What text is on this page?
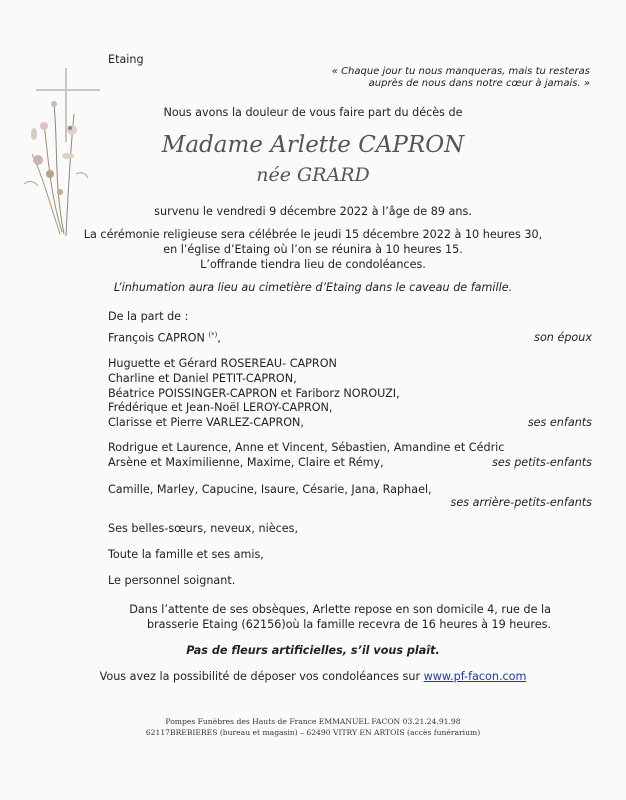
Etaing
« Chaque jour tu nous manqueras, mais tu resteras
auprès de nous dans notre cœur à jamais. »
Nous avons la douleur de vous faire part du décès de
Madame Arlette CAPRON
née GRARD
survenu le vendredi 9 décembre 2022 à l’âge de 89 ans.
La cérémonie religieuse sera célébrée le jeudi 15 décembre 2022 à 10 heures 30,
en l’église d’Etaing où l’on se réunira à 10 heures 15.
L’offrande tiendra lieu de condoléances.
L’inhumation aura lieu au cimetière d’Etaing dans le caveau de famille.
De la part de :
François CAPRON (*),	son époux
Huguette et Gérard ROSEREAU- CAPRON
Charline et Daniel PETIT-CAPRON,
Béatrice POISSINGER-CAPRON et Fariborz NOROUZI,
Frédérique et Jean-Noël LEROY-CAPRON,
Clarisse et Pierre VARLEZ-CAPRON,	ses enfants
Rodrigue et Laurence, Anne et Vincent, Sébastien, Amandine et Cédric
Arsène et Maximilienne, Maxime, Claire et Rémy,	ses petits-enfants
Camille, Marley, Capucine, Isaure, Césarie, Jana, Raphael,
ses arrière-petits-enfants
Ses belles-sœurs, neveux, nièces,
Toute la famille et ses amis,
Le personnel soignant.
Dans l’attente de ses obsèques, Arlette repose en son domicile 4, rue de la
brasserie Etaing (62156)où la famille recevra de 16 heures à 19 heures.
Pas de fleurs artificielles, s’il vous plaît.
Vous avez la possibilité de déposer vos condoléances sur www.pf-facon.com
Pompes Funèbres des Hauts de France EMMANUEL FACON 03.21.24.91.98
62117BREBIERES (bureau et magasin) – 62490 VITRY EN ARTOIS (accès funérarium)
